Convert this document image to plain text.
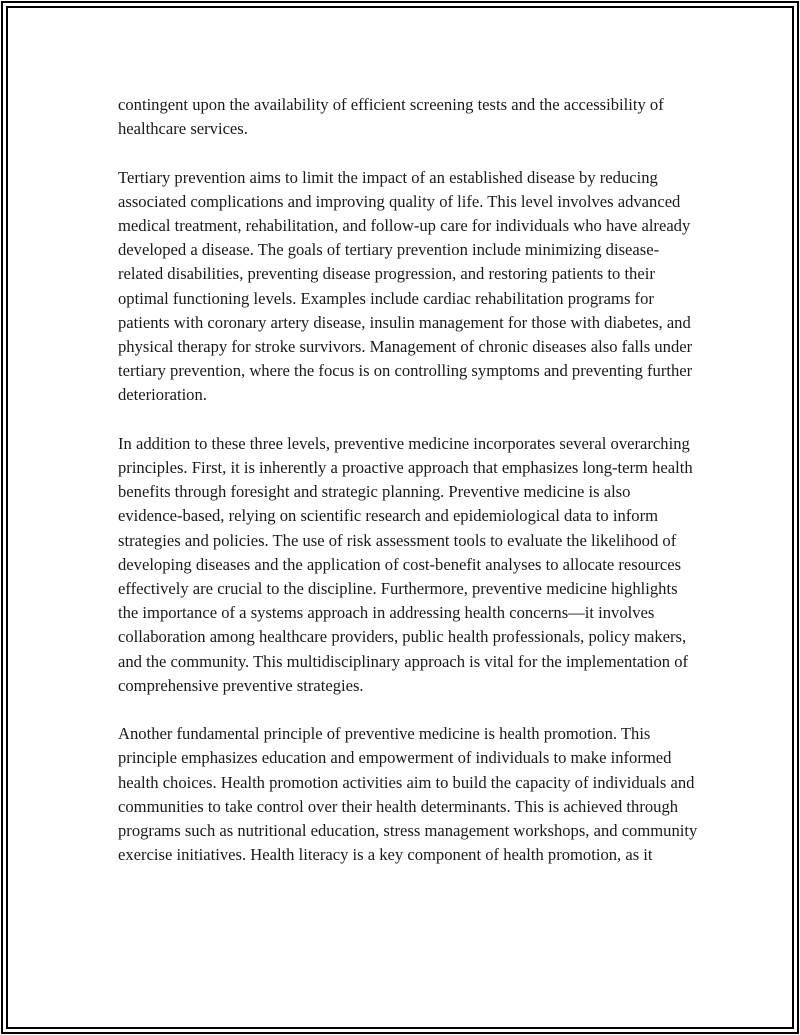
contingent upon the availability of efficient screening tests and the accessibility of healthcare services.

Tertiary prevention aims to limit the impact of an established disease by reducing associated complications and improving quality of life. This level involves advanced medical treatment, rehabilitation, and follow-up care for individuals who have already developed a disease. The goals of tertiary prevention include minimizing disease-related disabilities, preventing disease progression, and restoring patients to their optimal functioning levels. Examples include cardiac rehabilitation programs for patients with coronary artery disease, insulin management for those with diabetes, and physical therapy for stroke survivors. Management of chronic diseases also falls under tertiary prevention, where the focus is on controlling symptoms and preventing further deterioration.

In addition to these three levels, preventive medicine incorporates several overarching principles. First, it is inherently a proactive approach that emphasizes long-term health benefits through foresight and strategic planning. Preventive medicine is also evidence-based, relying on scientific research and epidemiological data to inform strategies and policies. The use of risk assessment tools to evaluate the likelihood of developing diseases and the application of cost-benefit analyses to allocate resources effectively are crucial to the discipline. Furthermore, preventive medicine highlights the importance of a systems approach in addressing health concerns—it involves collaboration among healthcare providers, public health professionals, policy makers, and the community. This multidisciplinary approach is vital for the implementation of comprehensive preventive strategies.

Another fundamental principle of preventive medicine is health promotion. This principle emphasizes education and empowerment of individuals to make informed health choices. Health promotion activities aim to build the capacity of individuals and communities to take control over their health determinants. This is achieved through programs such as nutritional education, stress management workshops, and community exercise initiatives. Health literacy is a key component of health promotion, as it
